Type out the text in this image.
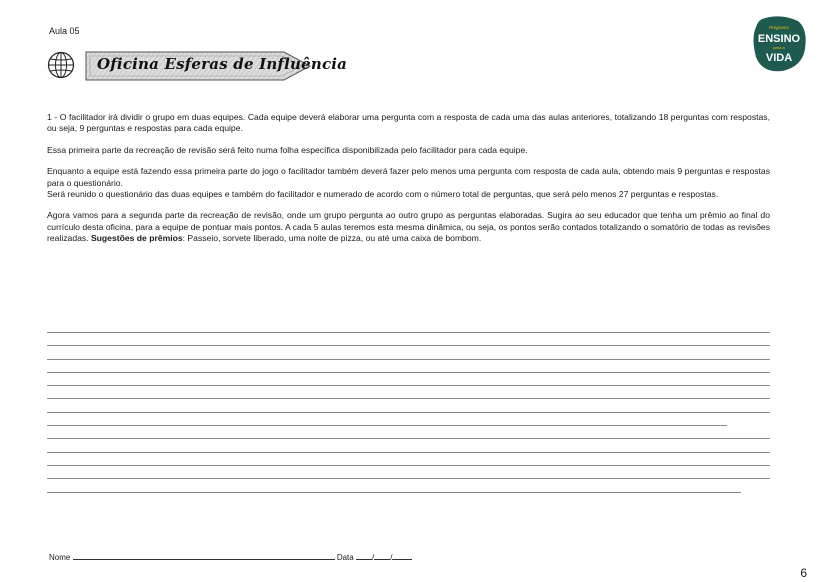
Aula 05
Oficina Esferas de Influência
Programa
ENSINO
para a
VIDA

1 - O facilitador irá dividir o grupo em duas equipes. Cada equipe deverá elaborar uma pergunta com a resposta de cada uma das aulas anteriores, totalizando 18 perguntas com respostas, ou seja, 9 perguntas e respostas para cada equipe.

Essa primeira parte da recreação de revisão será feito numa folha específica disponibilizada pelo facilitador para cada equipe.

Enquanto a equipe está fazendo essa primeira parte do jogo o facilitador também deverá fazer pelo menos uma pergunta com resposta de cada aula, obtendo mais 9 perguntas e respostas para o questionário.

Será reunido o questionário das duas equipes e também do facilitador e numerado de acordo com o número total de perguntas, que será pelo menos 27 perguntas e respostas.

Agora vamos para a segunda parte da recreação de revisão, onde um grupo pergunta ao outro grupo as perguntas elaboradas. Sugira ao seu educador que tenha um prêmio ao final do currículo desta oficina, para a equipe de pontuar mais pontos. A cada 5 aulas teremos esta mesma dinâmica, ou seja, os pontos serão contados totalizando o somatório de todas as revisões realizadas. Sugestões de prêmios: Passeio, sorvete liberado, uma noite de pizza, ou até uma caixa de bombom.

Nome	Data / /
6
